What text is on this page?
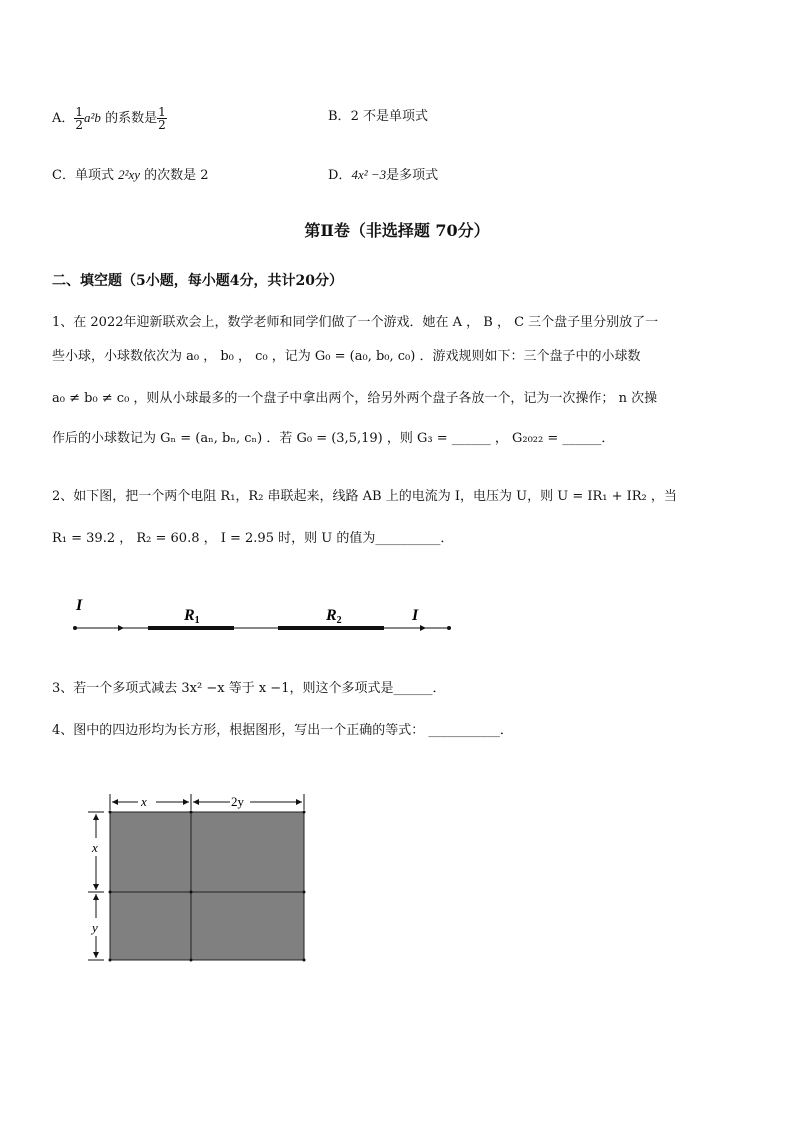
A． $\frac{1}{2} a^2b$ 的系数是 $\frac{1}{2}$	B．2 不是单项式
C．单项式 2²xy 的次数是 2	D．4x² −3是多项式
第Ⅱ卷（非选择题 70分）
二、填空题（5小题，每小题4分，共计20分）
1、在 2022年迎新联欢会上，数学老师和同学们做了一个游戏．她在 A ， B ， C 三个盘子里分别放了一
些小球，小球数依次为 a₀ ， b₀ ， c₀ ，记为 G₀ = (a₀, b₀, c₀) ．游戏规则如下：三个盘子中的小球数
a₀ ≠ b₀ ≠ c₀ ，则从小球最多的一个盘子中拿出两个，给另外两个盘子各放一个，记为一次操作； n 次操
作后的小球数记为 Gₙ = (aₙ, bₙ, cₙ) ．若 G₀ = (3,5,19) ，则 G₃ = ______ ， G₂₀₂₂ = ______．
2、如下图，把一个两个电阻 R₁，R₂ 串联起来，线路 AB 上的电流为 I，电压为 U，则 U = IR₁ + IR₂ ，当
R₁ = 39.2 ， R₂ = 60.8 ， I = 2.95 时，则 U 的值为__________．
I
R1	R2	I
3、若一个多项式减去 3x² −x 等于 x −1，则这个多项式是______．
4、图中的四边形均为长方形，根据图形，写出一个正确的等式： ___________．
x	2y
x
y
